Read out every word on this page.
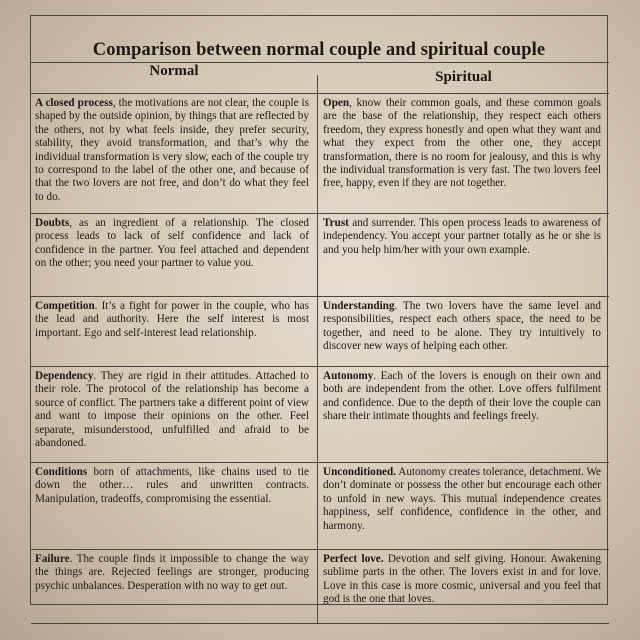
Comparison between normal couple and spiritual couple
Normal	Spiritual
A closed process, the motivations are not clear, the couple is shaped by the outside opinion, by things that are reflected by the others, not by what feels inside, they prefer security, stability, they avoid transformation, and that’s why the individual transformation is very slow, each of the couple try to correspond to the label of the other one, and because of that the two lovers are not free, and don’t do what they feel to do.
Open, know their common goals, and these common goals are the base of the relationship, they respect each others freedom, they express honestly and open what they want and what they expect from the other one, they accept transformation, there is no room for jealousy, and this is why the individual transformation is very fast. The two lovers feel free, happy, even if they are not together.
Doubts, as an ingredient of a relationship. The closed process leads to lack of self confidence and lack of confidence in the partner. You feel attached and dependent on the other; you need your partner to value you.
Trust and surrender. This open process leads to awareness of independency. You accept your partner totally as he or she is and you help him/her with your own example.
Competition. It’s a fight for power in the couple, who has the lead and authority. Here the self interest is most important. Ego and self-interest lead relationship.
Understanding. The two lovers have the same level and responsibilities, respect each others space, the need to be together, and need to be alone. They try intuitively to discover new ways of helping each other.
Dependency. They are rigid in their attitudes. Attached to their role. The protocol of the relationship has become a source of conflict. The partners take a different point of view and want to impose their opinions on the other. Feel separate, misunderstood, unfulfilled and afraid to be abandoned.
Autonomy. Each of the lovers is enough on their own and both are independent from the other. Love offers fulfilment and confidence. Due to the depth of their love the couple can share their intimate thoughts and feelings freely.
Conditions born of attachments, like chains used to tie down the other… rules and unwritten contracts. Manipulation, tradeoffs, compromising the essential.
Unconditioned. Autonomy creates tolerance, detachment. We don’t dominate or possess the other but encourage each other to unfold in new ways. This mutual independence creates happiness, self confidence, confidence in the other, and harmony.
Failure. The couple finds it impossible to change the way the things are. Rejected feelings are stronger, producing psychic unbalances. Desperation with no way to get out.
Perfect love. Devotion and self giving. Honour. Awakening sublime parts in the other. The lovers exist in and for love. Love in this case is more cosmic, universal and you feel that god is the one that loves.
